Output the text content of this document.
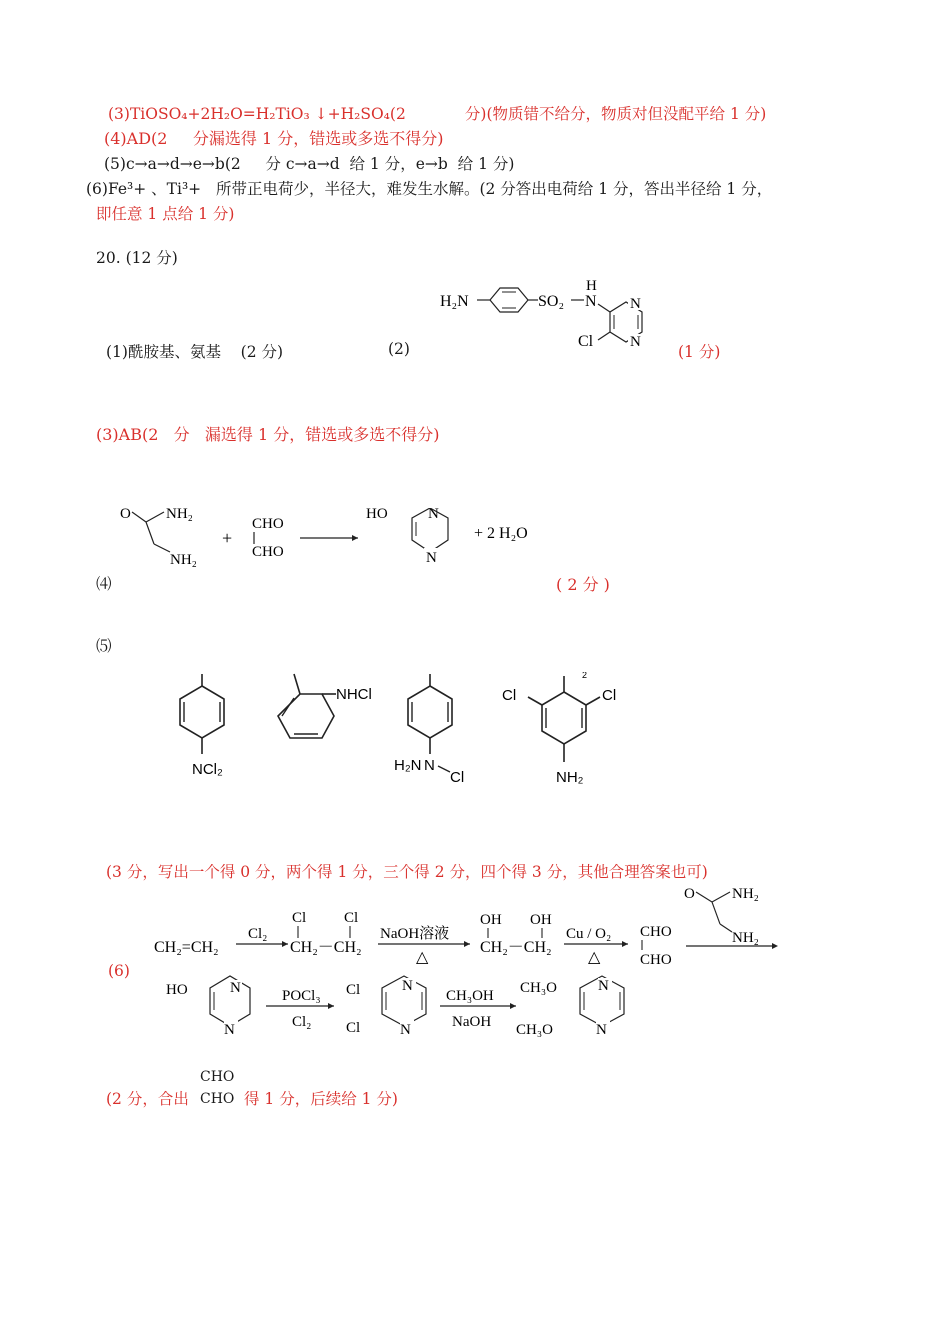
(3)TiOSO₄+2H₂O=H₂TiO₃ ↓+H₂SO₄(2            分)(物质错不给分，物质对但没配平给 1 分)
(4)AD(2     分漏选得 1 分，错选或多选不得分)
(5)c→a→d→e→b(2     分 c→a→d  给 1 分，e→b  给 1 分)
(6)Fe³+ 、Ti³+   所带正电荷少，半径大，难发生水解。(2 分答出电荷给 1 分，答出半径给 1 分，
即任意 1 点给 1 分)
20. (12 分)
(1)酰胺基、氨基    (2 分)	(2)	(1 分)
H₂N	SO₂
H
N N
N
Cl
(3)AB(2   分   漏选得 1 分，错选或多选不得分)
O NH₂
NH₂
+
CHO
CHO
HO	N
N
+ 2 H₂O
⑷	( 2 分 )
⑸
NCl₂
NHCl
H₂N N
Cl
2
Cl	Cl
NH₂
(3 分，写出一个得 0 分，两个得 1 分，三个得 2 分，四个得 3 分，其他合理答案也可)
(6)
CH₂=CH₂
Cl₂
Cl	Cl
CH₂－CH₂
NaOH溶液
△
OH OH
CH₂－CH₂
Cu / O₂
△
CHO
CHO
O NH₂
NH₂
HO	N
N
POCl₃
Cl₂
Cl
Cl
N
N
CH₃OH
NaOH
CH₃O
CH₃O
N
N
(2 分，合出
CHO
CHO 得 1 分，后续给 1 分)
